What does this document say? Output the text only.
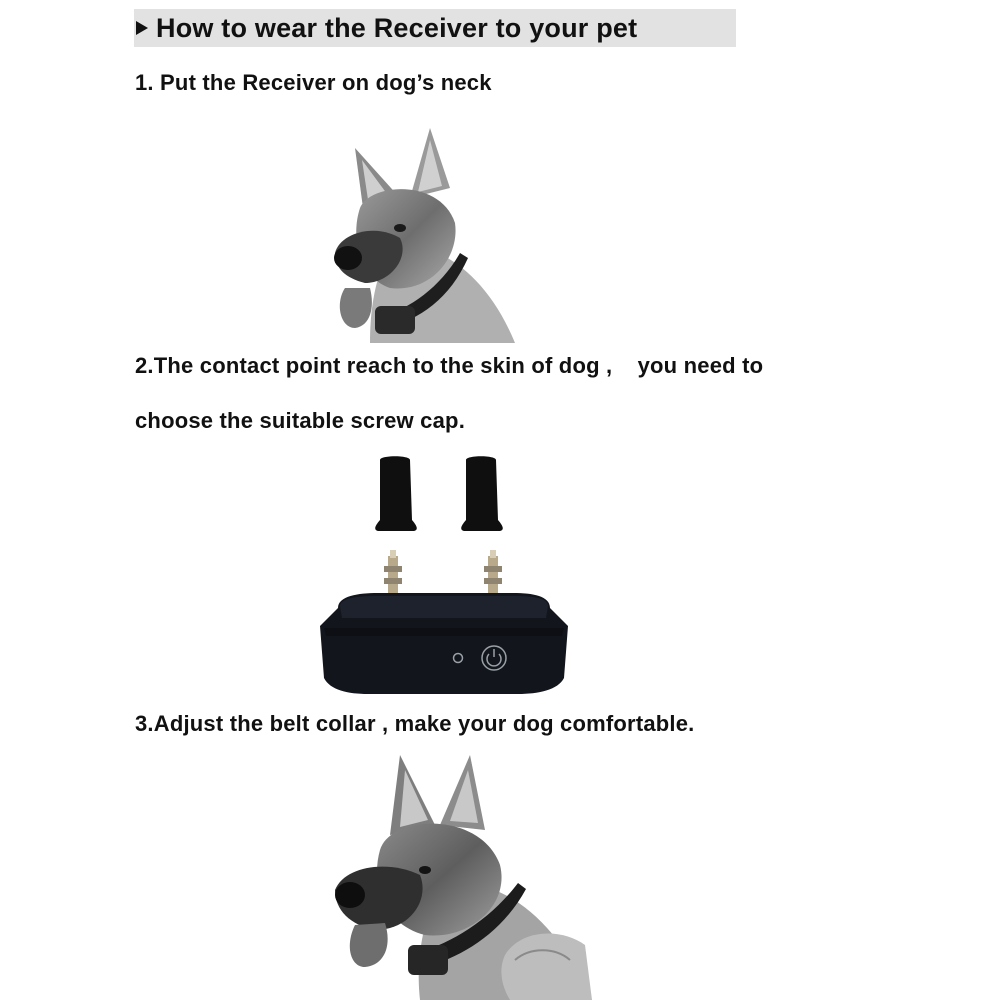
How to wear the Receiver to your pet
1. Put the Receiver on dog’s neck
2.The contact point reach to the skin of dog ,    you need to
choose the suitable screw cap.
3.Adjust the belt collar , make your dog comfortable.
